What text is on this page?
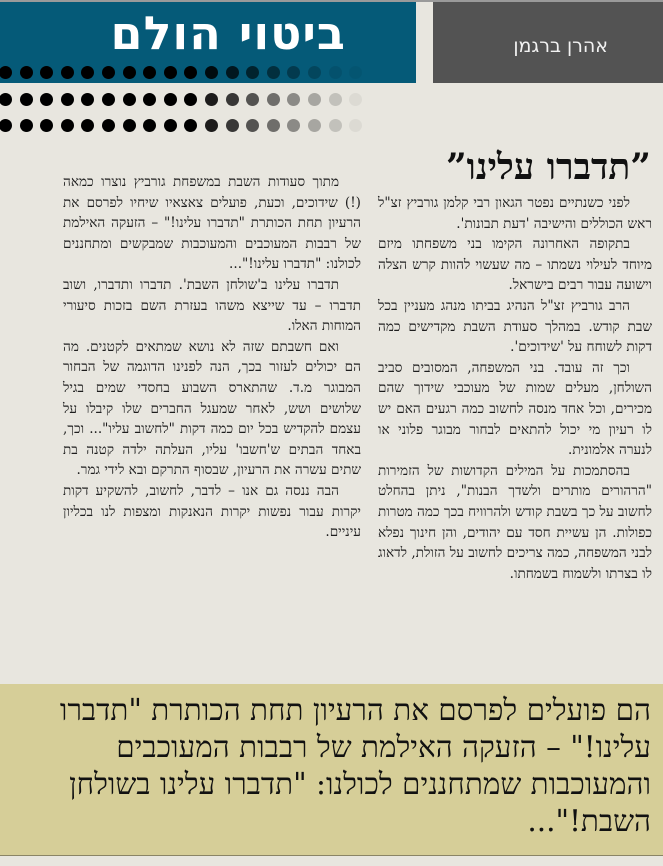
ביטוי הולם	אהרן ברגמן
”תדברו עלינו”

לפני כשנתיים נפטר הגאון רבי קלמן גורביץ זצ"ל ראש הכוללים והישיבה 'דעת תבונות'.

בתקופה האחרונה הקימו בני משפחתו מיזם מיוחד לעילוי נשמתו – מה שעשוי להוות קרש הצלה וישועה עבור רבים בישראל.

הרב גורביץ זצ"ל הנהיג בביתו מנהג מעניין בכל שבת קודש. במהלך סעודת השבת מקדישים כמה דקות לשוחח על 'שידוכים'.

וכך זה עובד. בני המשפחה, המסובים סביב השולחן, מעלים שמות של מעוכבי שידוך שהם מכירים, וכל אחד מנסה לחשוב כמה רגעים האם יש לו רעיון מי יכול להתאים לבחור מבוגר פלוני או לנערה אלמונית.

בהסתמכות על המילים הקדושות של הזמירות "הרהורים מותרים ולשדך הבנות", ניתן בהחלט לחשוב על כך בשבת קודש ולהרוויח בכך כמה מטרות כפולות. הן עשיית חסד עם יהודים, והן חינוך נפלא לבני המשפחה, כמה צריכים לחשוב על הזולת, לדאוג לו בצרתו ולשמוח בשמחתו.

מתוך סעודות השבת במשפחת גורביץ נוצרו כמאה (!) שידוכים, וכעת, פועלים צאצאיו שיחיו לפרסם את הרעיון תחת הכותרת "תדברו עלינו!" – הזעקה האילמת של רבבות המעוכבים והמעוכבות שמבקשים ומתחננים לכולנו: "תדברו עלינו!"...

תדברו עלינו ב'שולחן השבת'. תדברו ותדברו, ושוב תדברו – עד שייצא משהו בעזרת השם בזכות סיעורי המוחות האלו.

ואם חשבתם שזה לא נושא שמתאים לקטנים. מה הם יכולים לעזור בכך, הנה לפנינו הדוגמה של הבחור המבוגר מ.ד. שהתארס השבוע בחסדי שמים בגיל שלושים ושש, לאחר שמעגל החברים שלו קיבלו על עצמם להקדיש בכל יום כמה דקות "לחשוב עליו"... וכך, באחד הבתים ש'חשבו' עליו, העלתה ילדה קטנה בת שתים עשרה את הרעיון, שבסוף התרקם ובא לידי גמר.

הבה ננסה גם אנו – לדבר, לחשוב, להשקיע דקות יקרות עבור נפשות יקרות הנאנקות ומצפות לנו בכליון עיניים.

הם פועלים לפרסם את הרעיון תחת הכותרת "תדברו עלינו!" – הזעקה האילמת של רבבות המעוכבים והמעוכבות שמתחננים לכולנו: "תדברו עלינו בשולחן השבת!"...
